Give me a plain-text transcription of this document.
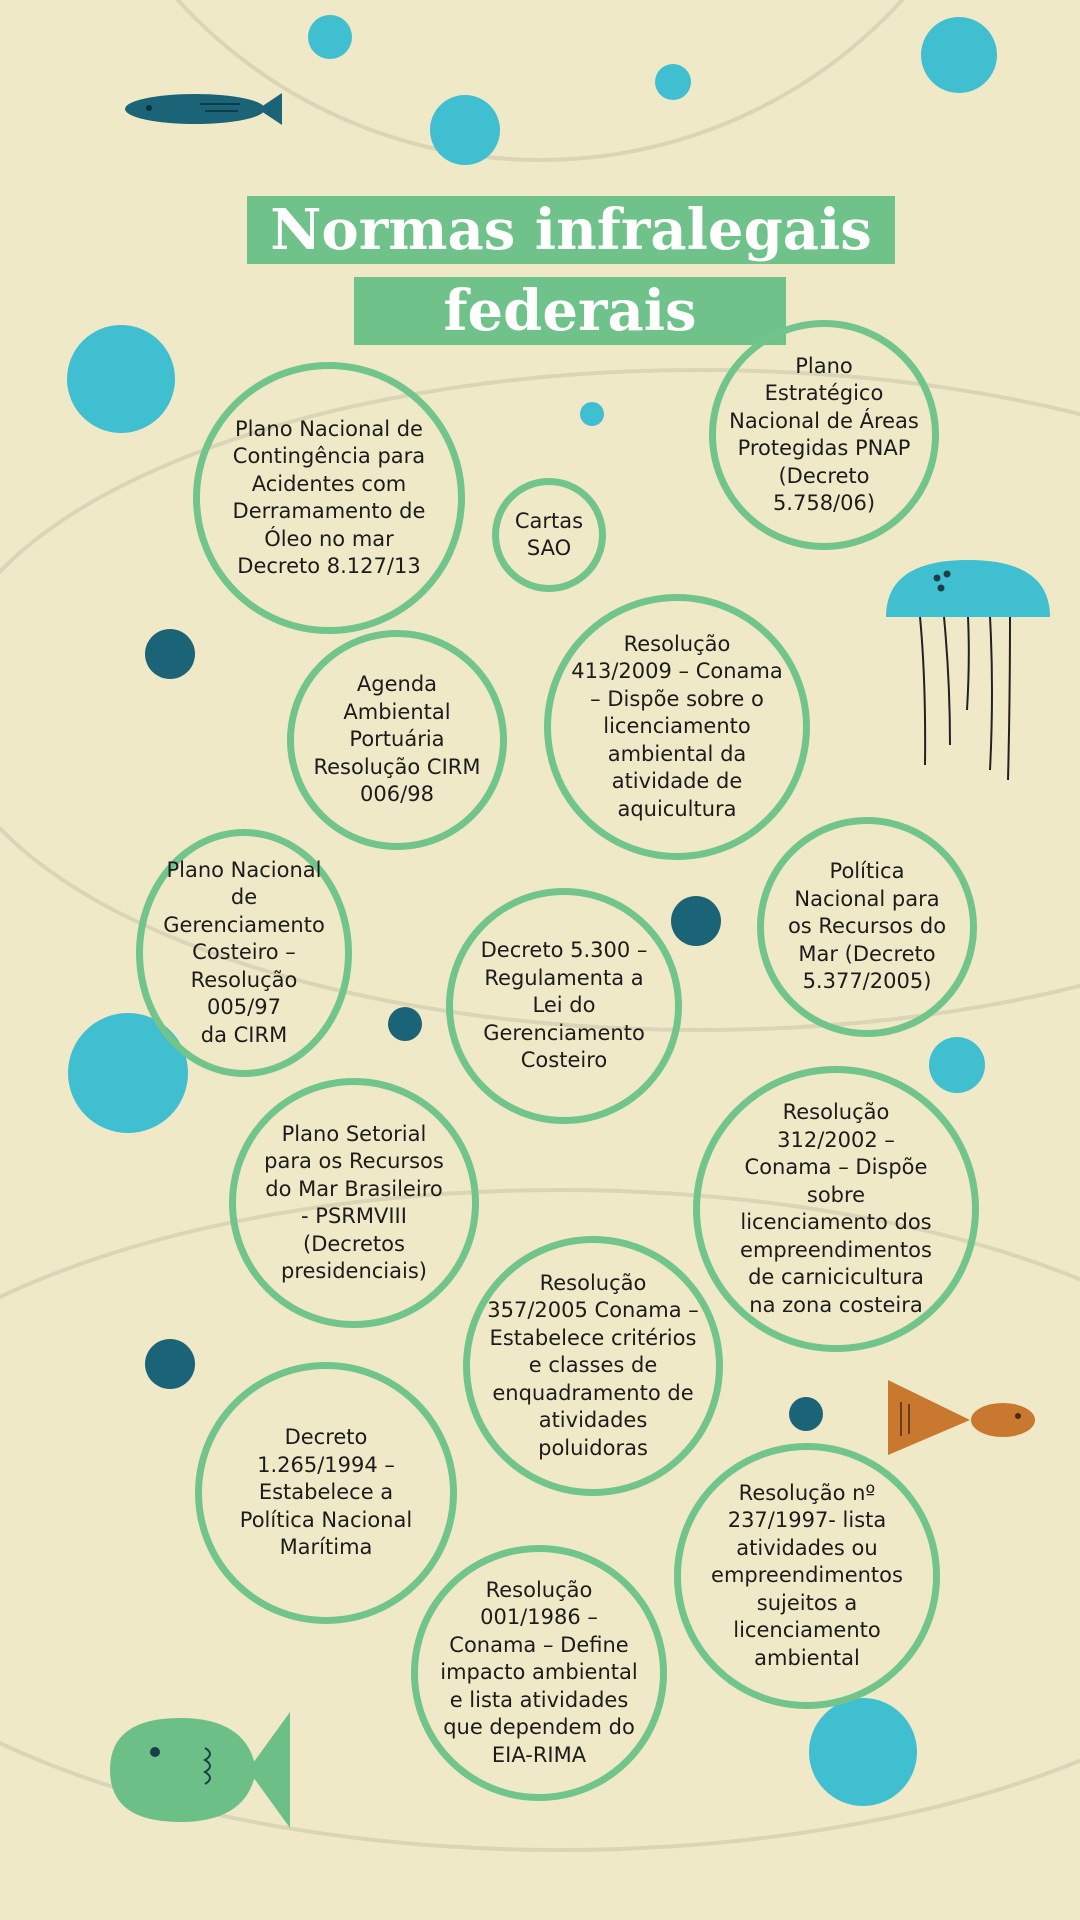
Normas infralegais
federais
Plano Nacional de
Contingência para
Acidentes com
Derramamento de
Óleo no mar
Decreto 8.127/13
Cartas
SAO
Plano
Estratégico
Nacional de Áreas
Protegidas PNAP
(Decreto
5.758/06)
Agenda
Ambiental
Portuária
Resolução CIRM
006/98
Resolução
413/2009 – Conama
– Dispõe sobre o
licenciamento
ambiental da
atividade de
aquicultura
Plano Nacional de
Gerenciamento
Costeiro –
Resolução 005/97
da CIRM
Decreto 5.300 –
Regulamenta a
Lei do
Gerenciamento
Costeiro
Política
Nacional para
os Recursos do
Mar (Decreto
5.377/2005)
Plano Setorial
para os Recursos
do Mar Brasileiro
- PSRMVIII
(Decretos
presidenciais)
Resolução
312/2002 –
Conama – Dispõe
sobre
licenciamento dos
empreendimentos
de carnicicultura
na zona costeira
Resolução
357/2005 Conama –
Estabelece critérios
e classes de
enquadramento de
atividades
poluidoras
Decreto
1.265/1994 –
Estabelece a
Política Nacional
Marítima
Resolução nº
237/1997- lista
atividades ou
empreendimentos
sujeitos a
licenciamento
ambiental
Resolução
001/1986 –
Conama – Define
impacto ambiental
e lista atividades
que dependem do
EIA-RIMA
